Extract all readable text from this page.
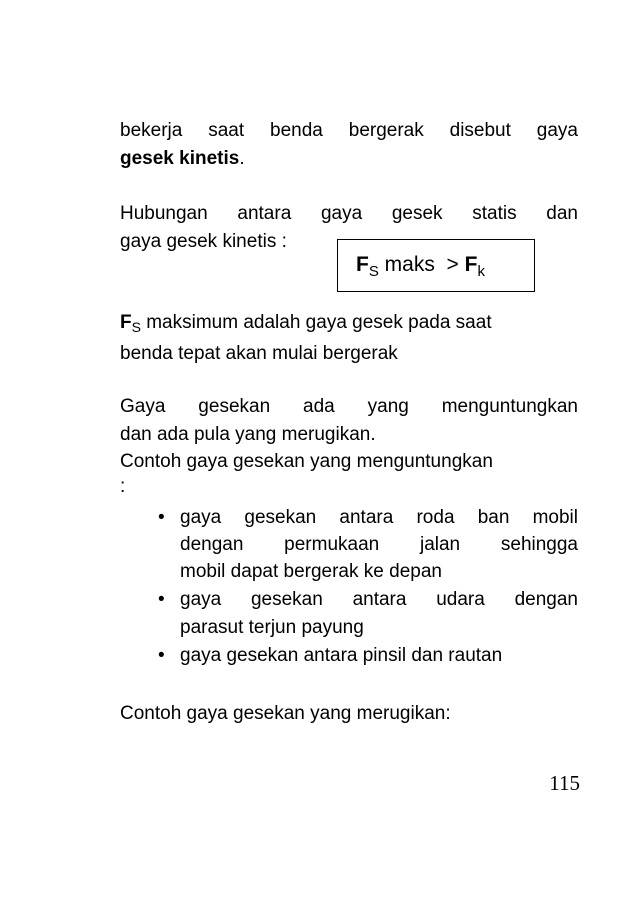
bekerja saat benda bergerak disebut gaya
gesek kinetis.
Hubungan antara gaya gesek statis dan
gaya gesek kinetis :
$F_S$ maks  > $F_k$
$F_S$ maksimum adalah gaya gesek pada saat
benda tepat akan mulai bergerak
Gaya gesekan ada yang menguntungkan
dan ada pula yang merugikan.
Contoh gaya gesekan yang menguntungkan
:
• gaya gesekan antara roda ban mobil
dengan permukaan jalan sehingga
mobil dapat bergerak ke depan
• gaya gesekan antara udara dengan
parasut terjun payung
• gaya gesekan antara pinsil dan rautan
Contoh gaya gesekan yang merugikan:
115
